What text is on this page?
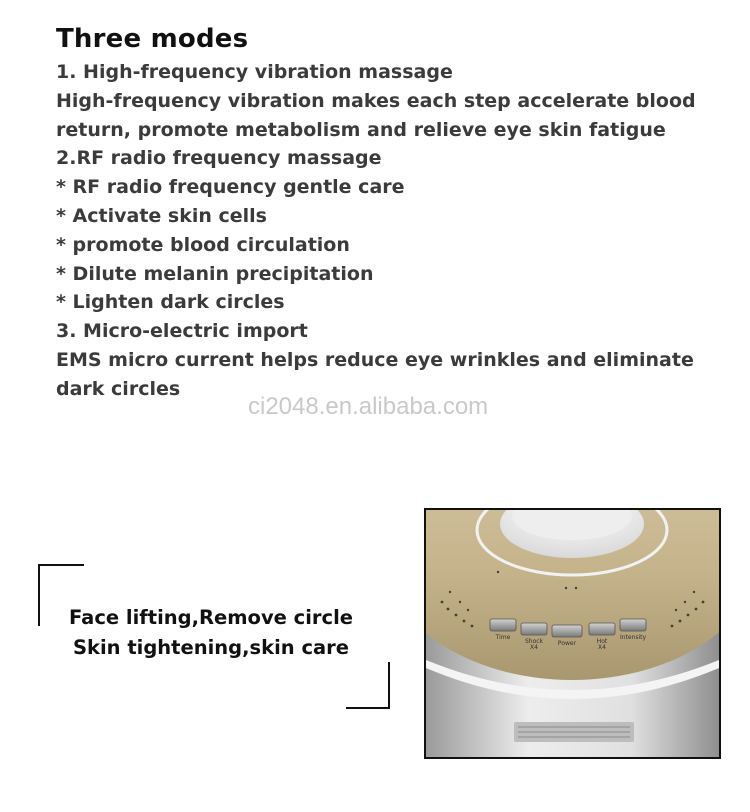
Three modes
1. High-frequency vibration massage
High-frequency vibration makes each step accelerate blood
return, promote metabolism and relieve eye skin fatigue
2.RF radio frequency massage
* RF radio frequency gentle care
* Activate skin cells
* promote blood circulation
* Dilute melanin precipitation
* Lighten dark circles
3. Micro-electric import
EMS micro current helps reduce eye wrinkles and eliminate
dark circles
ci2048.en.alibaba.com
Face lifting,Remove circle
Skin tightening,skin care	Time
Shock
X4
Power	Hot
X4
Intensity
